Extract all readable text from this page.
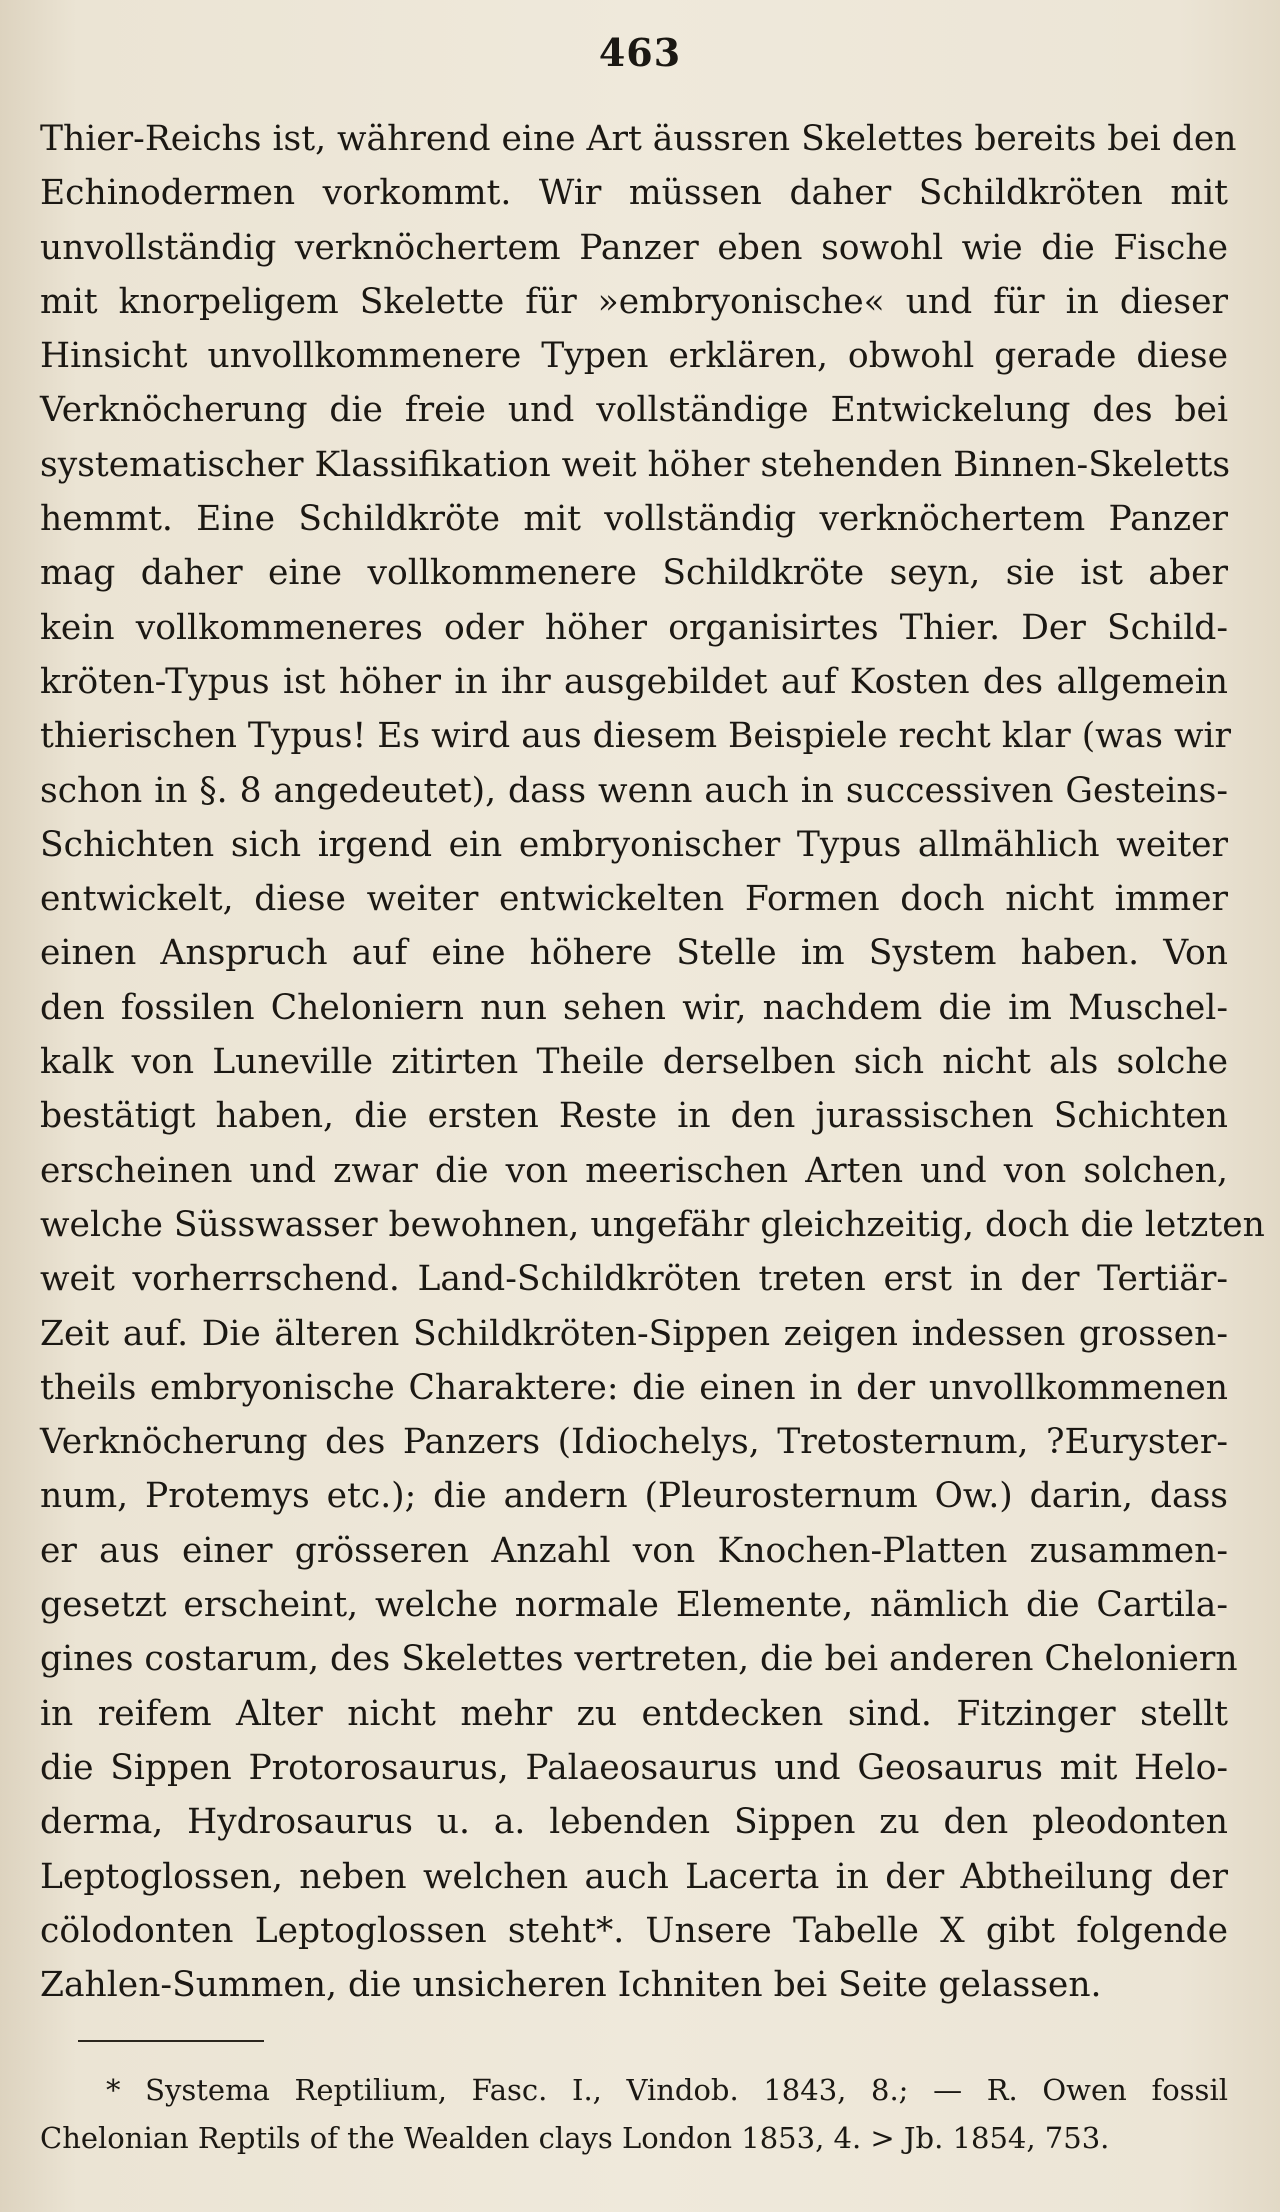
463
Thier-Reichs ist, während eine Art äussren Skelettes bereits bei den
Echinodermen vorkommt. Wir müssen daher Schildkröten mit
unvollständig verknöchertem Panzer eben sowohl wie die Fische
mit knorpeligem Skelette für »embryonische« und für in dieser
Hinsicht unvollkommenere Typen erklären, obwohl gerade diese
Verknöcherung die freie und vollständige Entwickelung des bei
systematischer Klassifikation weit höher stehenden Binnen-Skeletts
hemmt. Eine Schildkröte mit vollständig verknöchertem Panzer
mag daher eine vollkommenere Schildkröte seyn, sie ist aber
kein vollkommeneres oder höher organisirtes Thier. Der Schild-
kröten-Typus ist höher in ihr ausgebildet auf Kosten des allgemein
thierischen Typus! Es wird aus diesem Beispiele recht klar (was wir
schon in §. 8 angedeutet), dass wenn auch in successiven Gesteins-
Schichten sich irgend ein embryonischer Typus allmählich weiter
entwickelt, diese weiter entwickelten Formen doch nicht immer
einen Anspruch auf eine höhere Stelle im System haben. Von
den fossilen Cheloniern nun sehen wir, nachdem die im Muschel-
kalk von Luneville zitirten Theile derselben sich nicht als solche
bestätigt haben, die ersten Reste in den jurassischen Schichten
erscheinen und zwar die von meerischen Arten und von solchen,
welche Süsswasser bewohnen, ungefähr gleichzeitig, doch die letzten
weit vorherrschend. Land-Schildkröten treten erst in der Tertiär-
Zeit auf. Die älteren Schildkröten-Sippen zeigen indessen grossen-
theils embryonische Charaktere: die einen in der unvollkommenen
Verknöcherung des Panzers (Idiochelys, Tretosternum, ?Euryster-
num, Protemys etc.); die andern (Pleurosternum Ow.) darin, dass
er aus einer grösseren Anzahl von Knochen-Platten zusammen-
gesetzt erscheint, welche normale Elemente, nämlich die Cartila-
gines costarum, des Skelettes vertreten, die bei anderen Cheloniern
in reifem Alter nicht mehr zu entdecken sind. Fitzinger stellt
die Sippen Protorosaurus, Palaeosaurus und Geosaurus mit Helo-
derma, Hydrosaurus u. a. lebenden Sippen zu den pleodonten
Leptoglossen, neben welchen auch Lacerta in der Abtheilung der
cölodonten Leptoglossen steht*. Unsere Tabelle X gibt folgende
Zahlen-Summen, die unsicheren Ichniten bei Seite gelassen.
* Systema Reptilium, Fasc. I., Vindob. 1843, 8.; — R. Owen fossil
Chelonian Reptils of the Wealden clays London 1853, 4. > Jb. 1854, 753.
